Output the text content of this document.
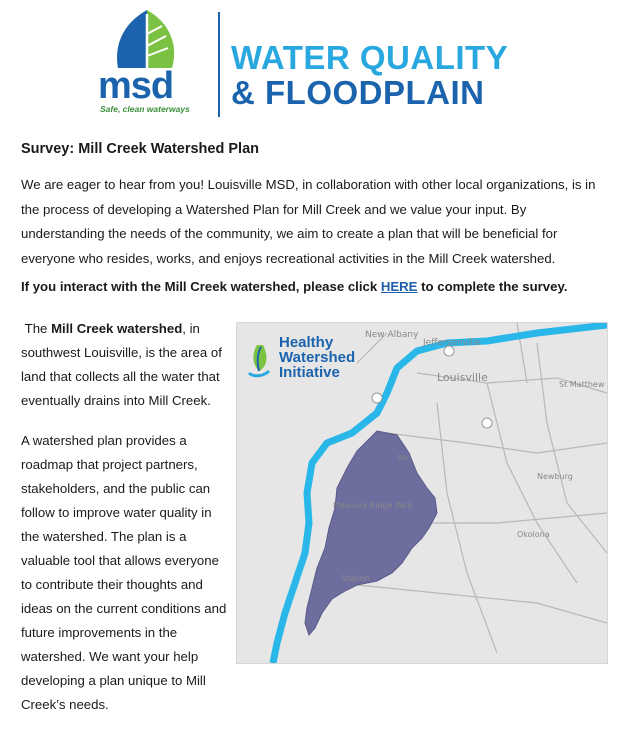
msd
Safe, clean waterways
WATER QUALITY
& FLOODPLAIN
Survey: Mill Creek Watershed Plan
We are eager to hear from you! Louisville MSD, in collaboration with other local organizations, is in the process of developing a Watershed Plan for Mill Creek and we value your input. By understanding the needs of the community, we aim to create a plan that will be beneficial for everyone who resides, works, and enjoys recreational activities in the Mill Creek watershed.
If you interact with the Mill Creek watershed, please click HERE to complete the survey.

The Mill Creek watershed, in southwest Louisville, is the area of land that collects all the water that eventually drains into Mill Creek.

A watershed plan provides a roadmap that project partners, stakeholders, and the public can follow to improve water quality in the watershed. The plan is a valuable tool that allows everyone to contribute their thoughts and ideas on the current conditions and future improvements in the watershed. We want your help developing a plan unique to Mill Creek’s needs.

New Albany
Jeffersonville
Louisville
St Matthew
Newburg
Okolona
Pleasure Ridge Park
Station
Shi
Healthy
Watershed
Initiative
